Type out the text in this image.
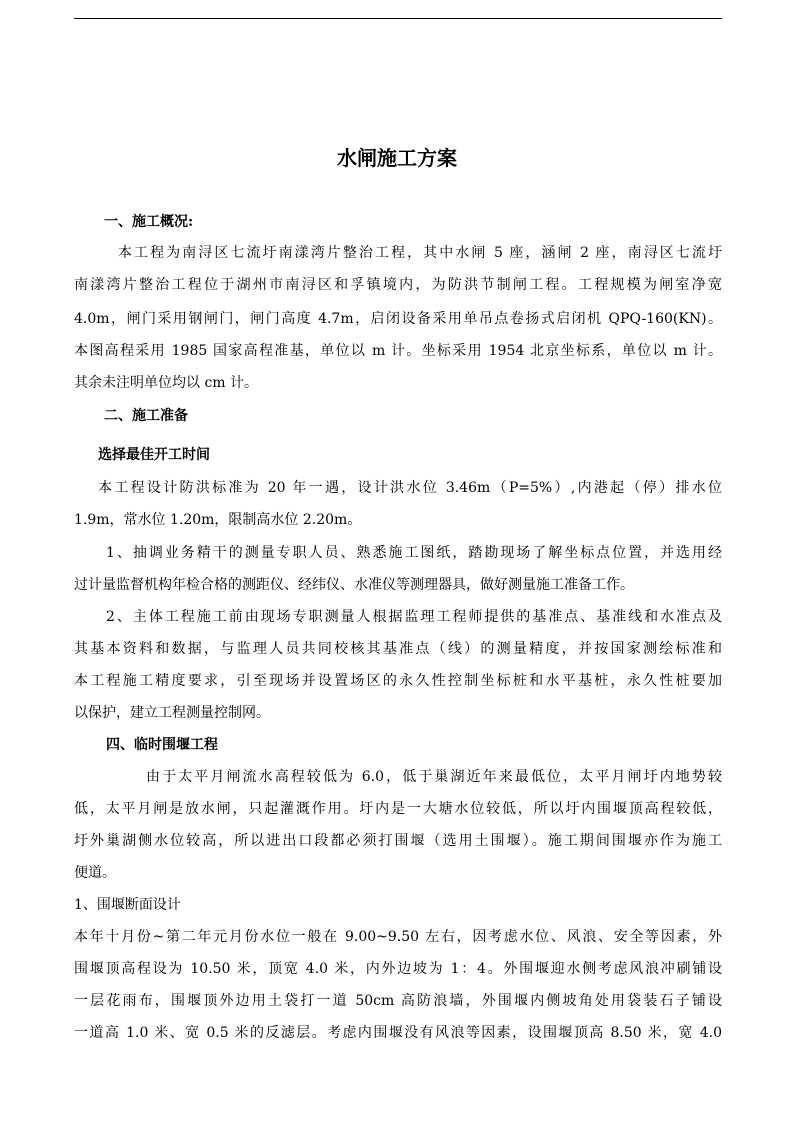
水闸施工方案
一、施工概况:
本工程为南浔区七流圩南漾湾片整治工程，其中水闸 5 座，涵闸 2 座，南浔区七流圩
南漾湾片整治工程位于湖州市南浔区和孚镇境内，为防洪节制闸工程。工程规模为闸室净宽
4.0m，闸门采用钢闸门，闸门高度 4.7m，启闭设备采用单吊点卷扬式启闭机 QPQ-160(KN)。
本图高程采用 1985 国家高程准基，单位以 m 计。坐标采用 1954 北京坐标系，单位以 m 计。
其余未注明单位均以 cm 计。
二、施工准备
选择最佳开工时间
本工程设计防洪标准为 20 年一遇，设计洪水位 3.46m（P=5%）,内港起（停）排水位
1.9m，常水位 1.20m，限制高水位 2.20m。
1、抽调业务精干的测量专职人员、熟悉施工图纸，踏勘现场了解坐标点位置，并选用经
过计量监督机构年检合格的测距仪、经纬仪、水准仪等测理器具，做好测量施工准备工作。
2、主体工程施工前由现场专职测量人根据监理工程师提供的基准点、基准线和水准点及
其基本资料和数据，与监理人员共同校核其基准点（线）的测量精度，并按国家测绘标准和
本工程施工精度要求，引至现场并设置场区的永久性控制坐标桩和水平基桩，永久性桩要加
以保护，建立工程测量控制网。
四、临时围堰工程
由于太平月闸流水高程较低为 6.0，低于巢湖近年来最低位，太平月闸圩内地势较
低，太平月闸是放水闸，只起灌溉作用。圩内是一大塘水位较低，所以圩内围堰顶高程较低，
圩外巢湖侧水位较高，所以进出口段都必须打围堰（选用土围堰）。施工期间围堰亦作为施工
便道。
1、围堰断面设计
本年十月份~第二年元月份水位一般在 9.00~9.50 左右，因考虑水位、风浪、安全等因素，外
围堰顶高程设为 10.50 米，顶宽 4.0 米，内外边坡为 1：4。外围堰迎水侧考虑风浪冲刷铺设
一层花雨布，围堰顶外边用土袋打一道 50cm 高防浪墙，外围堰内侧坡角处用袋装石子铺设
一道高 1.0 米、宽 0.5 米的反滤层。考虑内围堰没有风浪等因素，设围堰顶高 8.50 米，宽 4.0
